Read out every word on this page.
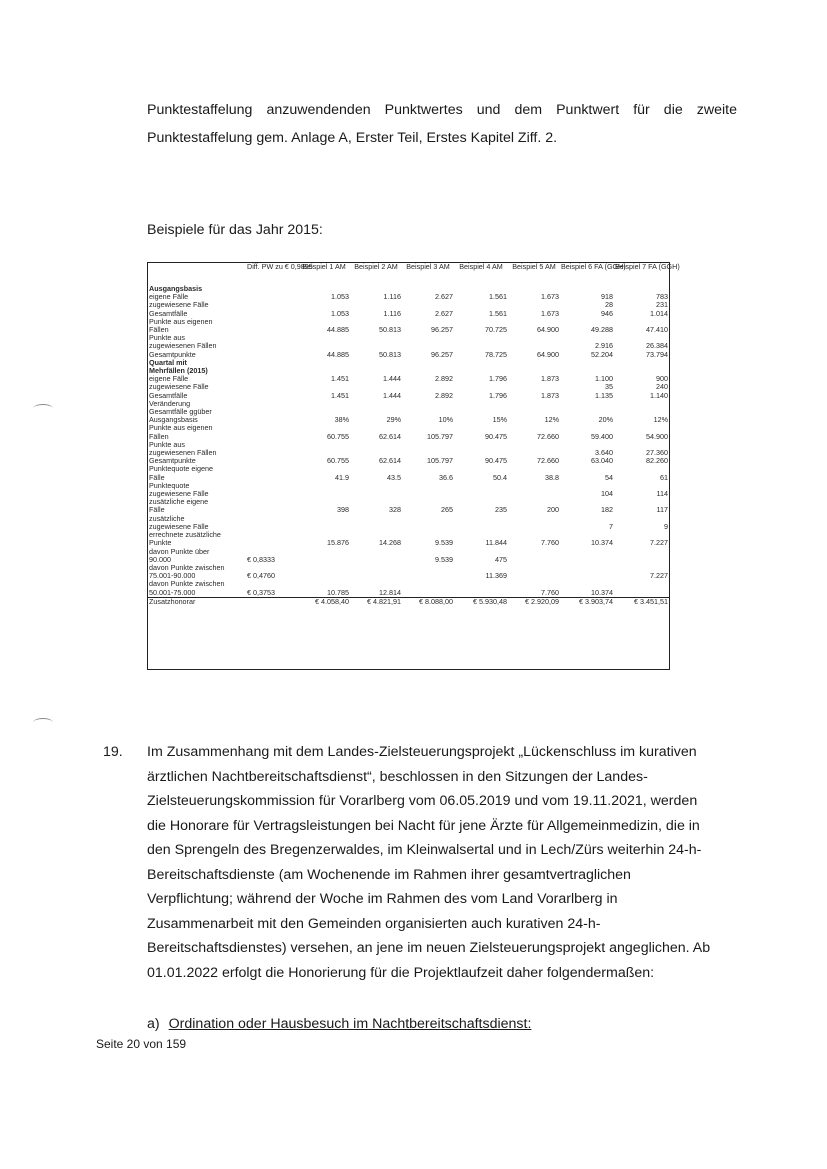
Punktestaffelung anzuwendenden Punktwertes und dem Punktwert für die zweite
Punktestaffelung gem. Anlage A, Erster Teil, Erstes Kapitel Ziff. 2.
Beispiele für das Jahr 2015:
	Diff. PW zu € 0,9895	Beispiel 1 AM	Beispiel 2 AM	Beispiel 3 AM	Beispiel 4 AM	Beispiel 5 AM	Beispiel 6 FA (GGH)	Beispiel 7 FA (GGH)
Ausgangsbasis								
eigene Fälle		1.053	1.116	2.627	1.561	1.673	918	783
zugewiesene Fälle							28	231
Gesamtfälle		1.053	1.116	2.627	1.561	1.673	946	1.014
Punkte aus eigenen								
Fällen		44.885	50.813	96.257	70.725	64.900	49.288	47.410
Punkte aus								
zugewiesenen Fällen							2.916	26.384
Gesamtpunkte		44.885	50.813	96.257	78.725	64.900	52.204	73.794

Quartal mit								
Mehrfällen (2015)								
eigene Fälle		1.451	1.444	2.892	1.796	1.873	1.100	900
zugewiesene Fälle							35	240
Gesamtfälle		1.451	1.444	2.892	1.796	1.873	1.135	1.140
Veränderung								
Gesamtfälle ggüber								
Ausgangsbasis		38%	29%	10%	15%	12%	20%	12%
Punkte aus eigenen								
Fällen		60.755	62.614	105.797	90.475	72.660	59.400	54.900
Punkte aus								
zugewiesenen Fällen							3.640	27.360
Gesamtpunkte		60.755	62.614	105.797	90.475	72.660	63.040	82.260
Punktequote eigene								
Fälle		41.9	43.5	36.6	50.4	38.8	54	61
Punktequote								
zugewiesene Fälle							104	114
zusätzliche eigene								
Fälle		398	328	265	235	200	182	117
zusätzliche								
zugewiesene Fälle							7	9
errechnete zusätzliche								
Punkte		15.876	14.268	9.539	11.844	7.760	10.374	7.227
davon Punkte über								
90.000	€ 0,8333			9.539	475			
davon Punkte zwischen								
75.001-90.000	€ 0,4760				11.369			7.227
davon Punkte zwischen								
50.001-75.000	€ 0,3753	10.785	12.814			7.760	10.374	
Zusatzhonorar		€ 4.058,40	€ 4.821,91	€ 8.088,00	€ 5.930,48	€ 2.920,09	€ 3.903,74	€ 3.451,51
19. Im Zusammenhang mit dem Landes-Zielsteuerungsprojekt „Lückenschluss im kurativen
ärztlichen Nachtbereitschaftsdienst“, beschlossen in den Sitzungen der Landes-
Zielsteuerungskommission für Vorarlberg vom 06.05.2019 und vom 19.11.2021, werden
die Honorare für Vertragsleistungen bei Nacht für jene Ärzte für Allgemeinmedizin, die in
den Sprengeln des Bregenzerwaldes, im Kleinwalsertal und in Lech/Zürs weiterhin 24-h-
Bereitschaftsdienste (am Wochenende im Rahmen ihrer gesamtvertraglichen
Verpflichtung; während der Woche im Rahmen des vom Land Vorarlberg in
Zusammenarbeit mit den Gemeinden organisierten auch kurativen 24-h-
Bereitschaftsdienstes) versehen, an jene im neuen Zielsteuerungsprojekt angeglichen. Ab
01.01.2022 erfolgt die Honorierung für die Projektlaufzeit daher folgendermaßen:
a) Ordination oder Hausbesuch im Nachtbereitschaftsdienst:
Seite 20 von 159
